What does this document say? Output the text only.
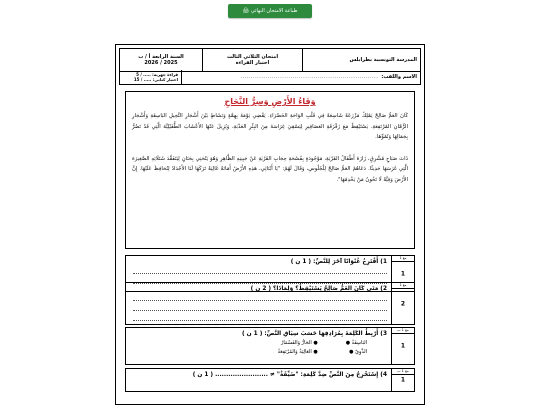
🖨 طباعة الامتحان النهائي
المدرسة التونسية بطرابلس
امتحان الثلاثي الثالث
اختبار القراءة
السنة الرابعة أ / ب
2025 / 2026
الاسم واللقب:
..................................................................
قراءة جهرية: ..... / 5
اختبار كتابي: ..... / 15
وَفَاءُ الأَرْضِ وَسِرُّ النَّجَاحِ

كَانَ العَمُّ صَالِحٌ يَمْلِكُ مَزْرَعَةً شَاسِعَةً فِي قَلْبِ الوَاحَةِ الخَضْرَاءِ. يَقْضِي يَوْمَهُ بِهِمَّةٍ وَنَشَاطٍ بَيْنَ أَشْجَارِ النَّخِيلِ البَاسِقَةِ وَأَشْجَارِ الرُّمَّانِ المُرْتَفِعَةِ. يَسْتَيْقِظُ مَعَ زَقْزَقَةِ العَصَافِيرِ لِيَسْقِيَ غِرَاسَهُ مِنَ البِئْرِ العَذْبَةِ، وَيُزِيلَ عَنْهَا الأَعْشَابَ الطُّفَيْلِيَّةَ الَّتِي قَدْ تَضُرُّ بِجَمَالِهَا وَنُمُوِّهَا.

ذَاتَ صَبَاحٍ مُشْرِقٍ، زَارَهُ أَطْفَالُ القَرْيَةِ، مَوْجُودَةٍ بِفُسْحَةِ حِجَابِ القَرْيَةِ عَنْ جَبِينِهِ الظَّاهِرِ وَهُوَ يَنْحَنِي بِحَنَانٍ لِيَتَفَقَّدَ شَتَلَاتِهِ الصَّغِيرَةَ الَّتِي غَرَسَهَا حَدِيثًا. دَعَاهُمُ العَمُّ صَالِحٌ لِلْجُلُوسِ، وَقَالَ لَهُمْ: "يَا أَبْنَائِي، هَذِهِ الأَرْضُ أَمَانَةٌ غَالِيَةٌ تَرَكَهَا لَنَا الأَجْدَادُ لِنُحَافِظَ عَلَيْهَا. إِنَّ الأَرْضَ وَفِيَّةٌ لَا تَخُونُ مَنْ يَخْدِمُهَا".

مع 1
1
1) أَقْتَرِحُ عُنْوَانًا آخَرَ لِلنَّصِّ: ( 1 ن )
مع 1
2
2) مَتَى كَانَ العَمُّ صَالِحٌ يَسْتَيْقِظُ؟ وَلِمَاذَا؟ ( 2 ن )
مع 1 ب
1
3) أَرْبِطُ الكَلِمَةَ بِمُرَادِفِهَا حَسَبَ سِيَاقِ النَّصِّ: ( 1 ن )
البَاسِقَةُ ●
الذَّوِيّ ●
● الحَارُّ وَالقَسْمَارُ
● العَالِيَةُ وَالمُرْتَفِعَةُ
مع 1 ب
1
4) إِسْتَخْرِجُ مِنَ النَّصِّ ضِدَّ كَلِمَةِ: "ضَيِّقَةٌ" ≠ ........................ ( 1 ن )
